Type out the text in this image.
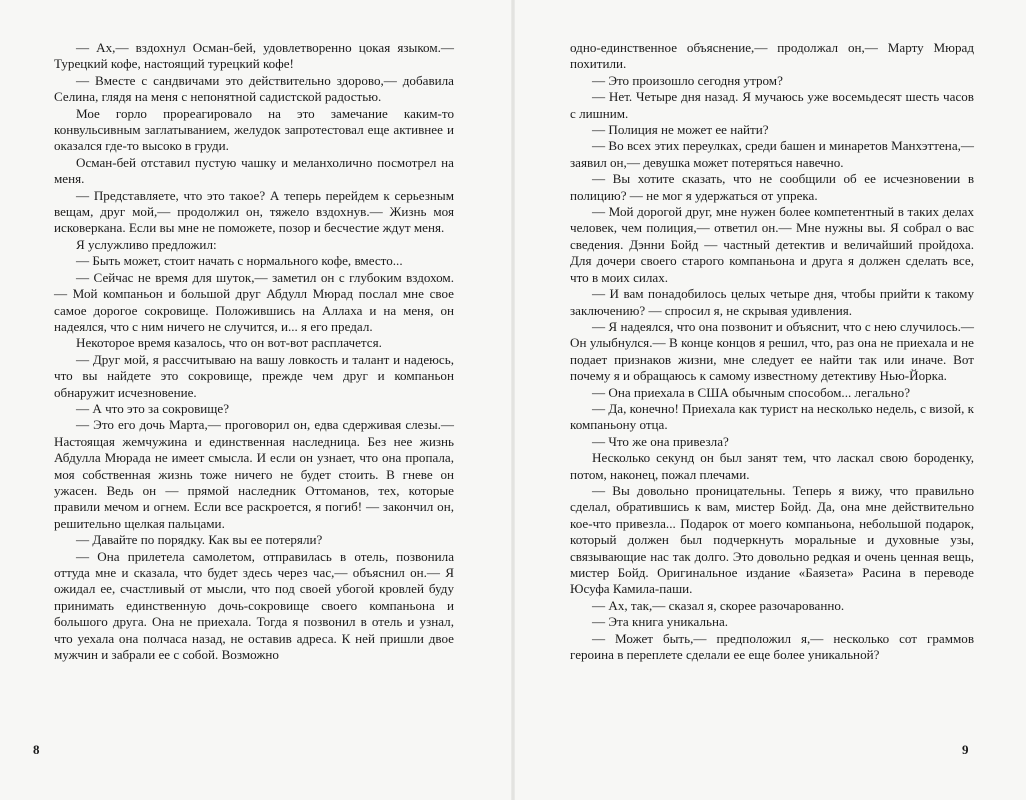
— Ах,— вздохнул Осман-бей, удовлетворенно цокая языком.— Турецкий кофе, настоящий турецкий кофе!

— Вместе с сандвичами это действительно здорово,— добавила Селина, глядя на меня с непонятной садистской радостью.

Мое горло прореагировало на это замечание каким-то конвульсивным заглатыванием, желудок запротестовал еще активнее и оказался где-то высоко в груди.

Осман-бей отставил пустую чашку и меланхолично посмотрел на меня.

— Представляете, что это такое? А теперь перейдем к серьезным вещам, друг мой,— продолжил он, тяжело вздохнув.— Жизнь моя исковеркана. Если вы мне не поможете, позор и бесчестие ждут меня.

Я услужливо предложил:

— Быть может, стоит начать с нормального кофе, вместо...

— Сейчас не время для шуток,— заметил он с глубоким вздохом.— Мой компаньон и большой друг Абдулл Мюрад послал мне свое самое дорогое сокровище. Положившись на Аллаха и на меня, он надеялся, что с ним ничего не случится, и... я его предал.

Некоторое время казалось, что он вот-вот расплачется.

— Друг мой, я рассчитываю на вашу ловкость и талант и надеюсь, что вы найдете это сокровище, прежде чем друг и компаньон обнаружит исчезновение.

— А что это за сокровище?

— Это его дочь Марта,— проговорил он, едва сдерживая слезы.— Настоящая жемчужина и единственная наследница. Без нее жизнь Абдулла Мюрада не имеет смысла. И если он узнает, что она пропала, моя собственная жизнь тоже ничего не будет стоить. В гневе он ужасен. Ведь он — прямой наследник Оттоманов, тех, которые правили мечом и огнем. Если все раскроется, я погиб! — закончил он, решительно щелкая пальцами.

— Давайте по порядку. Как вы ее потеряли?

— Она прилетела самолетом, отправилась в отель, позвонила оттуда мне и сказала, что будет здесь через час,— объяснил он.— Я ожидал ее, счастливый от мысли, что под своей убогой кровлей буду принимать единственную дочь-сокровище своего компаньона и большого друга. Она не приехала. Тогда я позвонил в отель и узнал, что уехала она полчаса назад, не оставив адреса. К ней пришли двое мужчин и забрали ее с собой. Возможно

8

одно-единственное объяснение,— продолжал он,— Марту Мюрад похитили.

— Это произошло сегодня утром?

— Нет. Четыре дня назад. Я мучаюсь уже восемьдесят шесть часов с лишним.

— Полиция не может ее найти?

— Во всех этих переулках, среди башен и минаретов Манхэттена,— заявил он,— девушка может потеряться навечно.

— Вы хотите сказать, что не сообщили об ее исчезновении в полицию? — не мог я удержаться от упрека.

— Мой дорогой друг, мне нужен более компетентный в таких делах человек, чем полиция,— ответил он.— Мне нужны вы. Я собрал о вас сведения. Дэнни Бойд — частный детектив и величайший пройдоха. Для дочери своего старого компаньона и друга я должен сделать все, что в моих силах.

— И вам понадобилось целых четыре дня, чтобы прийти к такому заключению? — спросил я, не скрывая удивления.

— Я надеялся, что она позвонит и объяснит, что с нею случилось.— Он улыбнулся.— В конце концов я решил, что, раз она не приехала и не подает признаков жизни, мне следует ее найти так или иначе. Вот почему я и обращаюсь к самому известному детективу Нью-Йорка.

— Она приехала в США обычным способом... легально?

— Да, конечно! Приехала как турист на несколько недель, с визой, к компаньону отца.

— Что же она привезла?

Несколько секунд он был занят тем, что ласкал свою бороденку, потом, наконец, пожал плечами.

— Вы довольно проницательны. Теперь я вижу, что правильно сделал, обратившись к вам, мистер Бойд. Да, она мне действительно кое-что привезла... Подарок от моего компаньона, небольшой подарок, который должен был подчеркнуть моральные и духовные узы, связывающие нас так долго. Это довольно редкая и очень ценная вещь, мистер Бойд. Оригинальное издание «Баязета» Расина в переводе Юсуфа Камила-паши.

— Ах, так,— сказал я, скорее разочарованно.

— Эта книга уникальна.

— Может быть,— предположил я,— несколько сот граммов героина в переплете сделали ее еще более уникальной?

9
